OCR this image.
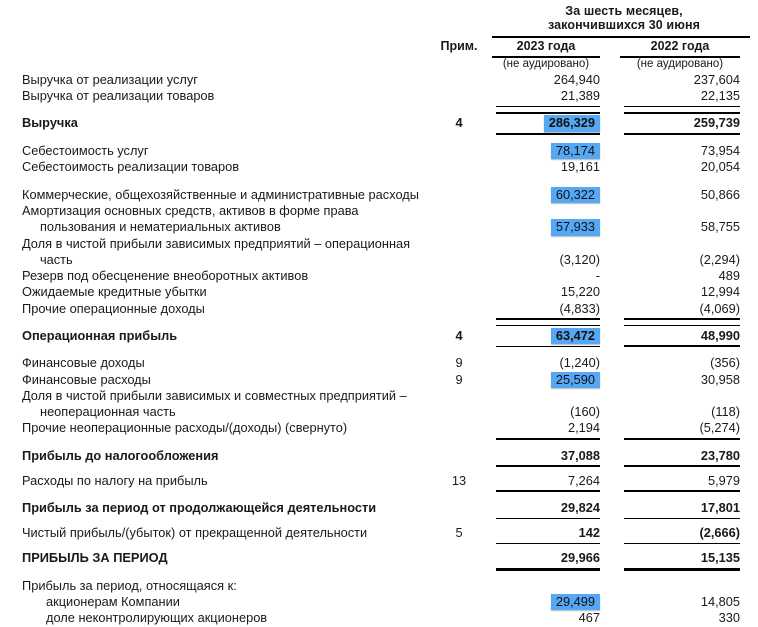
За шесть месяцев,
закончившихся 30 июня
Прим.	2023 года	2022 года
(не аудировано)	(не аудировано)
Выручка от реализации услуг	264,940	237,604
Выручка от реализации товаров	21,389	22,135
Выручка	4	286,329	259,739
Себестоимость услуг	78,174	73,954
Себестоимость реализации товаров	19,161	20,054
Коммерческие, общехозяйственные и административные расходы	60,322	50,866
Амортизация основных средств, активов в форме права
пользования и нематериальных активов	57,933	58,755
Доля в чистой прибыли зависимых предприятий – операционная
часть	(3,120)	(2,294)
Резерв под обесценение внеоборотных активов	-	489
Ожидаемые кредитные убытки	15,220	12,994
Прочие операционные доходы	(4,833)	(4,069)
Операционная прибыль	4	63,472	48,990
Финансовые доходы	9	(1,240)	(356)
Финансовые расходы	9	25,590	30,958
Доля в чистой прибыли зависимых и совместных предприятий –
неоперационная часть	(160)	(118)
Прочие неоперационные расходы/(доходы) (свернуто)	2,194	(5,274)
Прибыль до налогообложения	37,088	23,780
Расходы по налогу на прибыль	13	7,264	5,979
Прибыль за период от продолжающейся деятельности	29,824	17,801
Чистый прибыль/(убыток) от прекращенной деятельности	5	142	(2,666)
ПРИБЫЛЬ ЗА ПЕРИОД	29,966	15,135
Прибыль за период, относящаяся к:
акционерам Компании	29,499	14,805
доле неконтролирующих акционеров	467	330
